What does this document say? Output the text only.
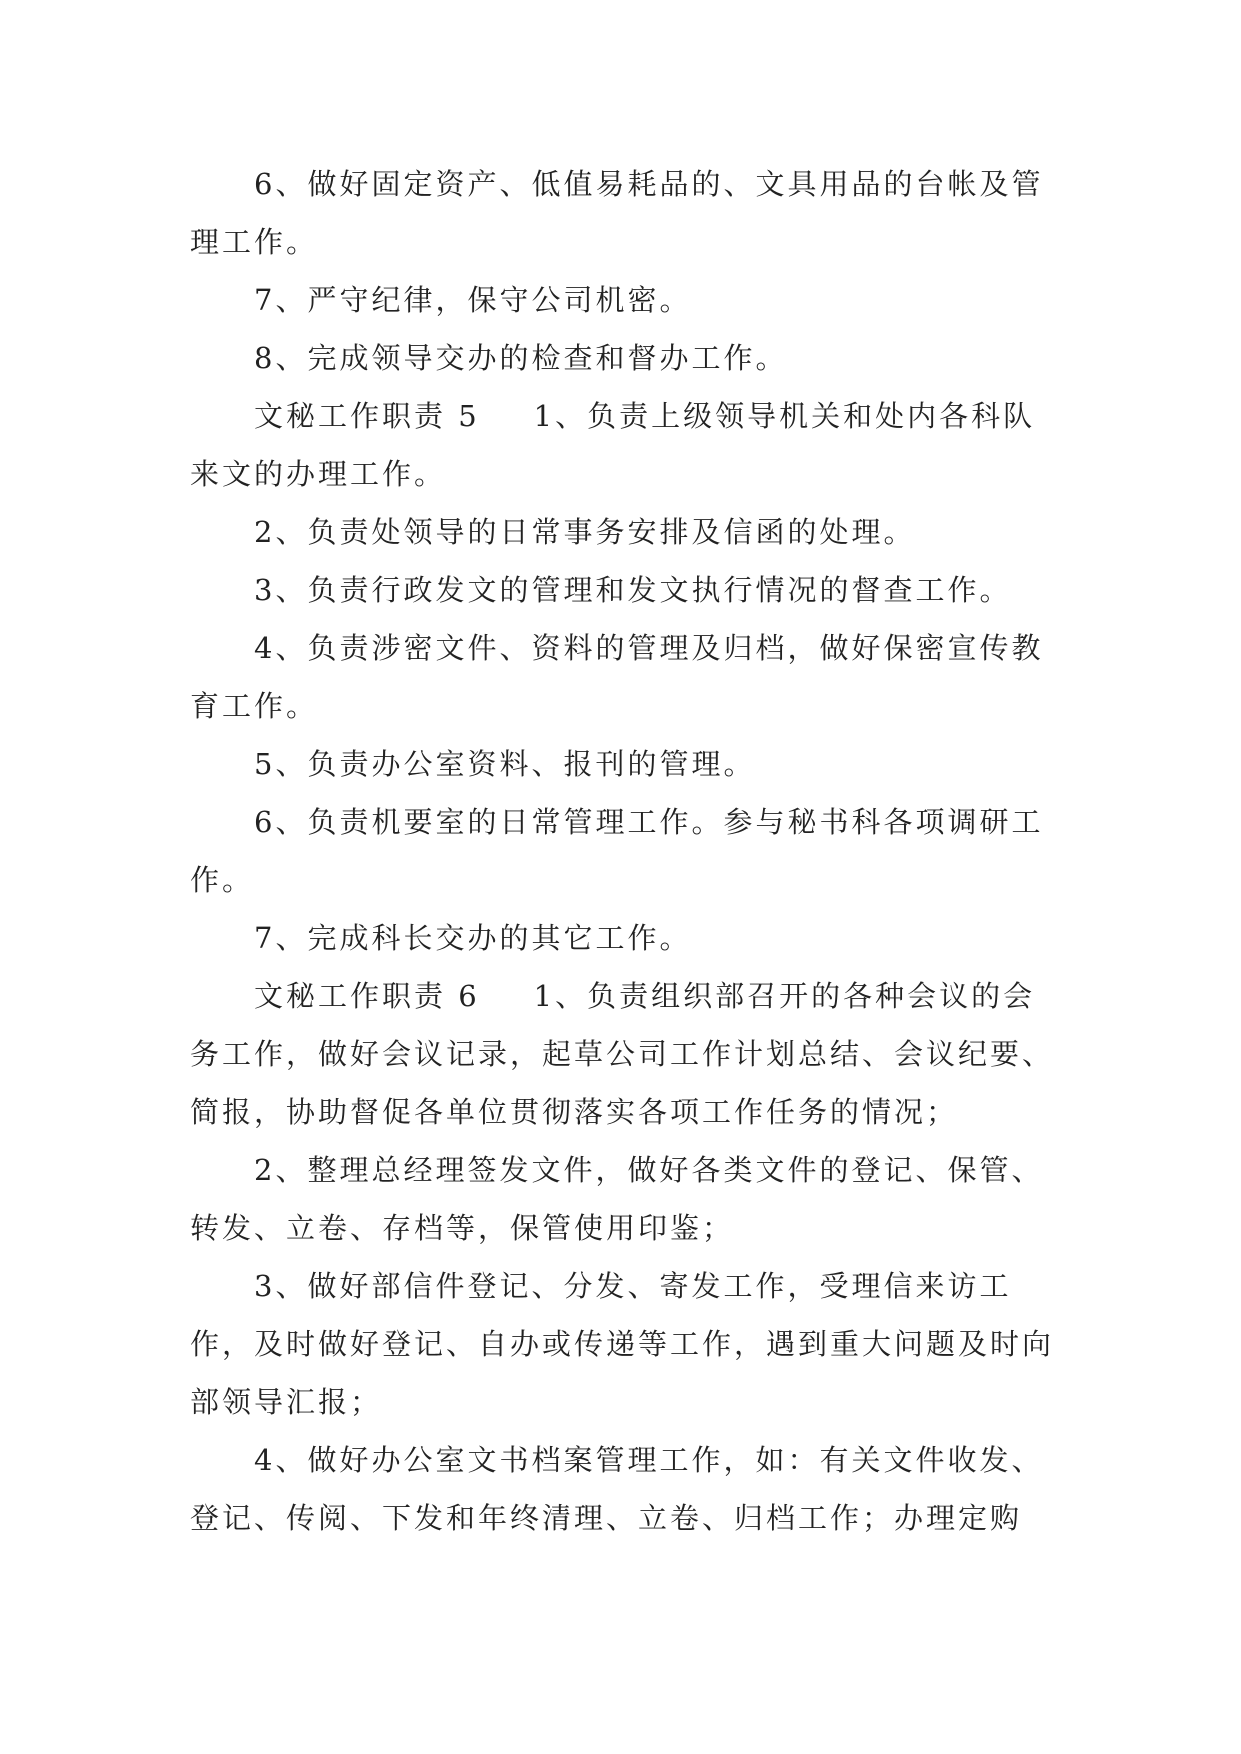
6、做好固定资产、低值易耗品的、文具用品的台帐及管理工作。

7、严守纪律，保守公司机密。

8、完成领导交办的检查和督办工作。

文秘工作职责 5 1、负责上级领导机关和处内各科队来文的办理工作。

2、负责处领导的日常事务安排及信函的处理。

3、负责行政发文的管理和发文执行情况的督查工作。

4、负责涉密文件、资料的管理及归档，做好保密宣传教育工作。

5、负责办公室资料、报刊的管理。

6、负责机要室的日常管理工作。参与秘书科各项调研工作。

7、完成科长交办的其它工作。

文秘工作职责 6 1、负责组织部召开的各种会议的会务工作，做好会议记录，起草公司工作计划总结、会议纪要、简报，协助督促各单位贯彻落实各项工作任务的情况；

2、整理总经理签发文件，做好各类文件的登记、保管、转发、立卷、存档等，保管使用印鉴；

3、做好部信件登记、分发、寄发工作，受理信来访工作，及时做好登记、自办或传递等工作，遇到重大问题及时向部领导汇报；

4、做好办公室文书档案管理工作，如：有关文件收发、登记、传阅、下发和年终清理、立卷、归档工作；办理定购
